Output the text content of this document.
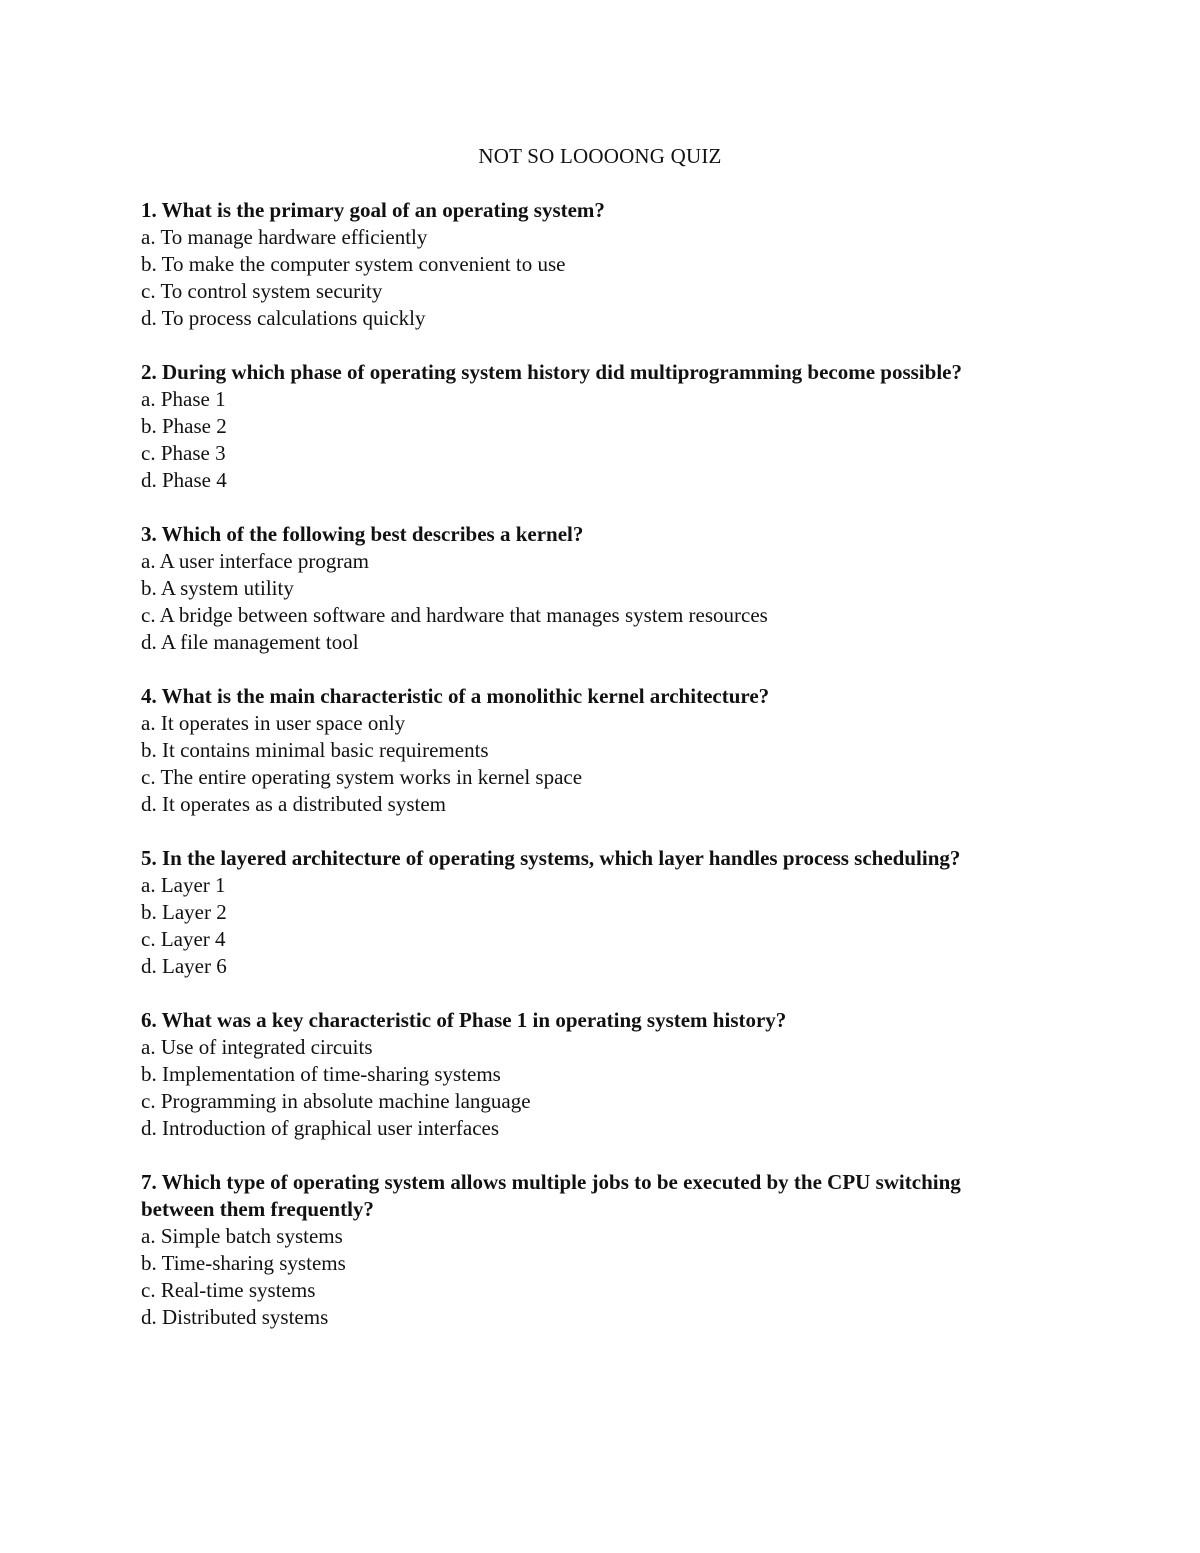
NOT SO LOOOONG QUIZ

1. What is the primary goal of an operating system?

a. To manage hardware efficiently
b. To make the computer system convenient to use
c. To control system security
d. To process calculations quickly

2. During which phase of operating system history did multiprogramming become possible?

a. Phase 1
b. Phase 2
c. Phase 3
d. Phase 4

3. Which of the following best describes a kernel?

a. A user interface program
b. A system utility
c. A bridge between software and hardware that manages system resources
d. A file management tool

4. What is the main characteristic of a monolithic kernel architecture?

a. It operates in user space only
b. It contains minimal basic requirements
c. The entire operating system works in kernel space
d. It operates as a distributed system

5. In the layered architecture of operating systems, which layer handles process scheduling?

a. Layer 1
b. Layer 2
c. Layer 4
d. Layer 6

6. What was a key characteristic of Phase 1 in operating system history?

a. Use of integrated circuits
b. Implementation of time-sharing systems
c. Programming in absolute machine language
d. Introduction of graphical user interfaces

7. Which type of operating system allows multiple jobs to be executed by the CPU switching between them frequently?

a. Simple batch systems
b. Time-sharing systems
c. Real-time systems
d. Distributed systems
